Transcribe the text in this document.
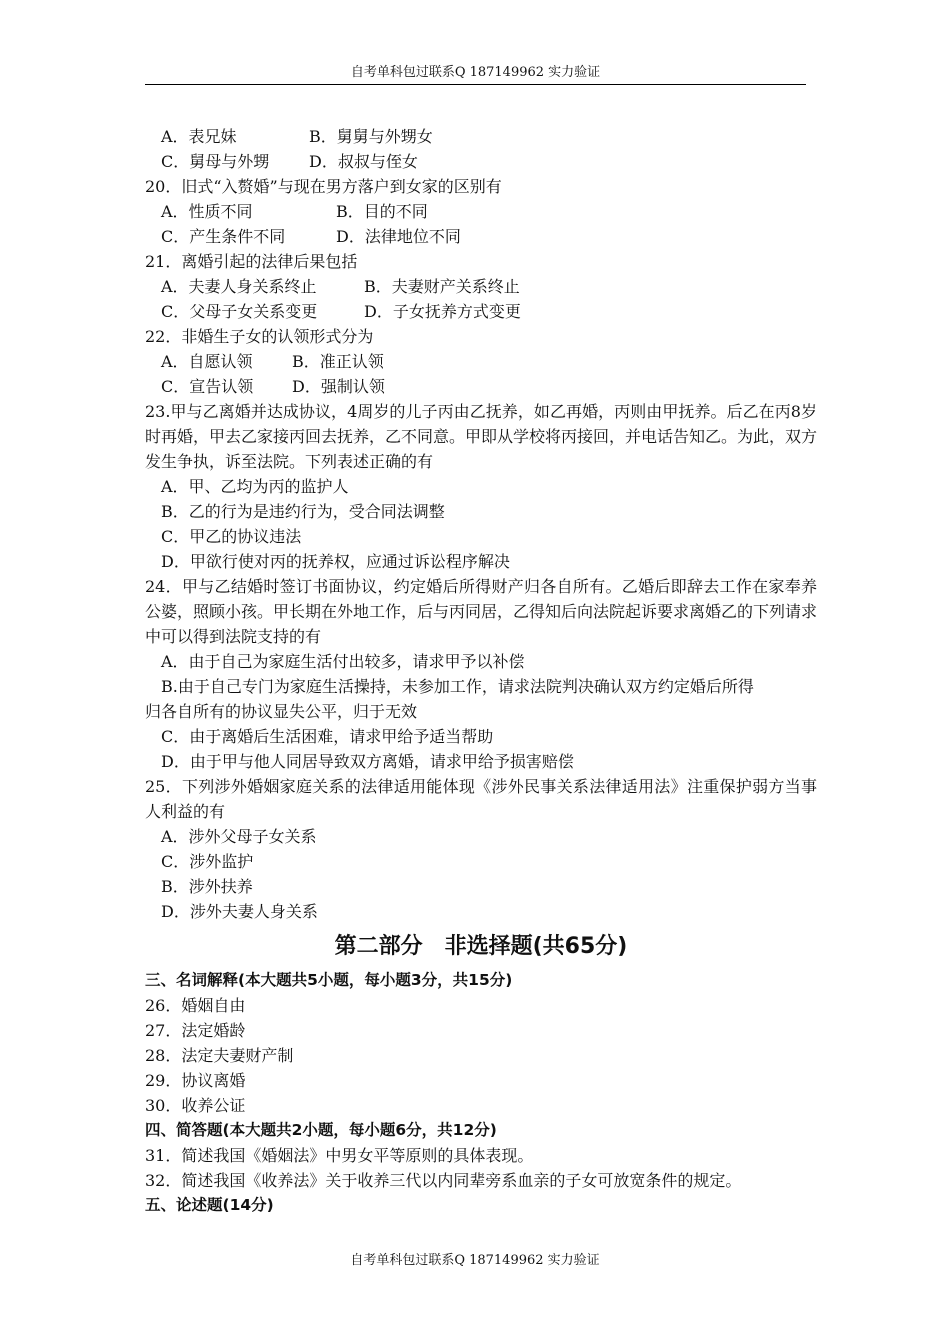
自考单科包过联系Q 187149962 实力验证
A．表兄妹	B．舅舅与外甥女
C．舅母与外甥	D．叔叔与侄女
20．旧式“入赘婚”与现在男方落户到女家的区别有
A．性质不同	B．目的不同
C．产生条件不同	D．法律地位不同
21．离婚引起的法律后果包括
A．夫妻人身关系终止	B．夫妻财产关系终止
C．父母子女关系变更	D．子女抚养方式变更
22．非婚生子女的认领形式分为
A．自愿认领	B．准正认领
C．宣告认领	D．强制认领
23.甲与乙离婚并达成协议，4周岁的儿子丙由乙抚养，如乙再婚，丙则由甲抚养。后乙在丙8岁时再婚，甲去乙家接丙回去抚养，乙不同意。甲即从学校将丙接回，并电话告知乙。为此，双方发生争执，诉至法院。下列表述正确的有
A．甲、乙均为丙的监护人
B．乙的行为是违约行为，受合同法调整
C．甲乙的协议违法
D．甲欲行使对丙的抚养权，应通过诉讼程序解决
24．甲与乙结婚时签订书面协议，约定婚后所得财产归各自所有。乙婚后即辞去工作在家奉养公婆，照顾小孩。甲长期在外地工作，后与丙同居，乙得知后向法院起诉要求离婚乙的下列请求中可以得到法院支持的有
A．由于自己为家庭生活付出较多，请求甲予以补偿
B.由于自己专门为家庭生活操持，未参加工作，请求法院判决确认双方约定婚后所得
归各自所有的协议显失公平，归于无效
C．由于离婚后生活困难，请求甲给予适当帮助
D．由于甲与他人同居导致双方离婚，请求甲给予损害赔偿
25．下列涉外婚姻家庭关系的法律适用能体现《涉外民事关系法律适用法》注重保护弱方当事人利益的有
A．涉外父母子女关系
C．涉外监护
B．涉外扶养
D．涉外夫妻人身关系
第二部分　非选择题(共65分)
三、名词解释(本大题共5小题，每小题3分，共15分)
26．婚姻自由
27．法定婚龄
28．法定夫妻财产制
29．协议离婚
30．收养公证
四、简答题(本大题共2小题，每小题6分，共12分)
31．简述我国《婚姻法》中男女平等原则的具体表现。
32．简述我国《收养法》关于收养三代以内同辈旁系血亲的子女可放宽条件的规定。
五、论述题(14分)
自考单科包过联系Q 187149962 实力验证
